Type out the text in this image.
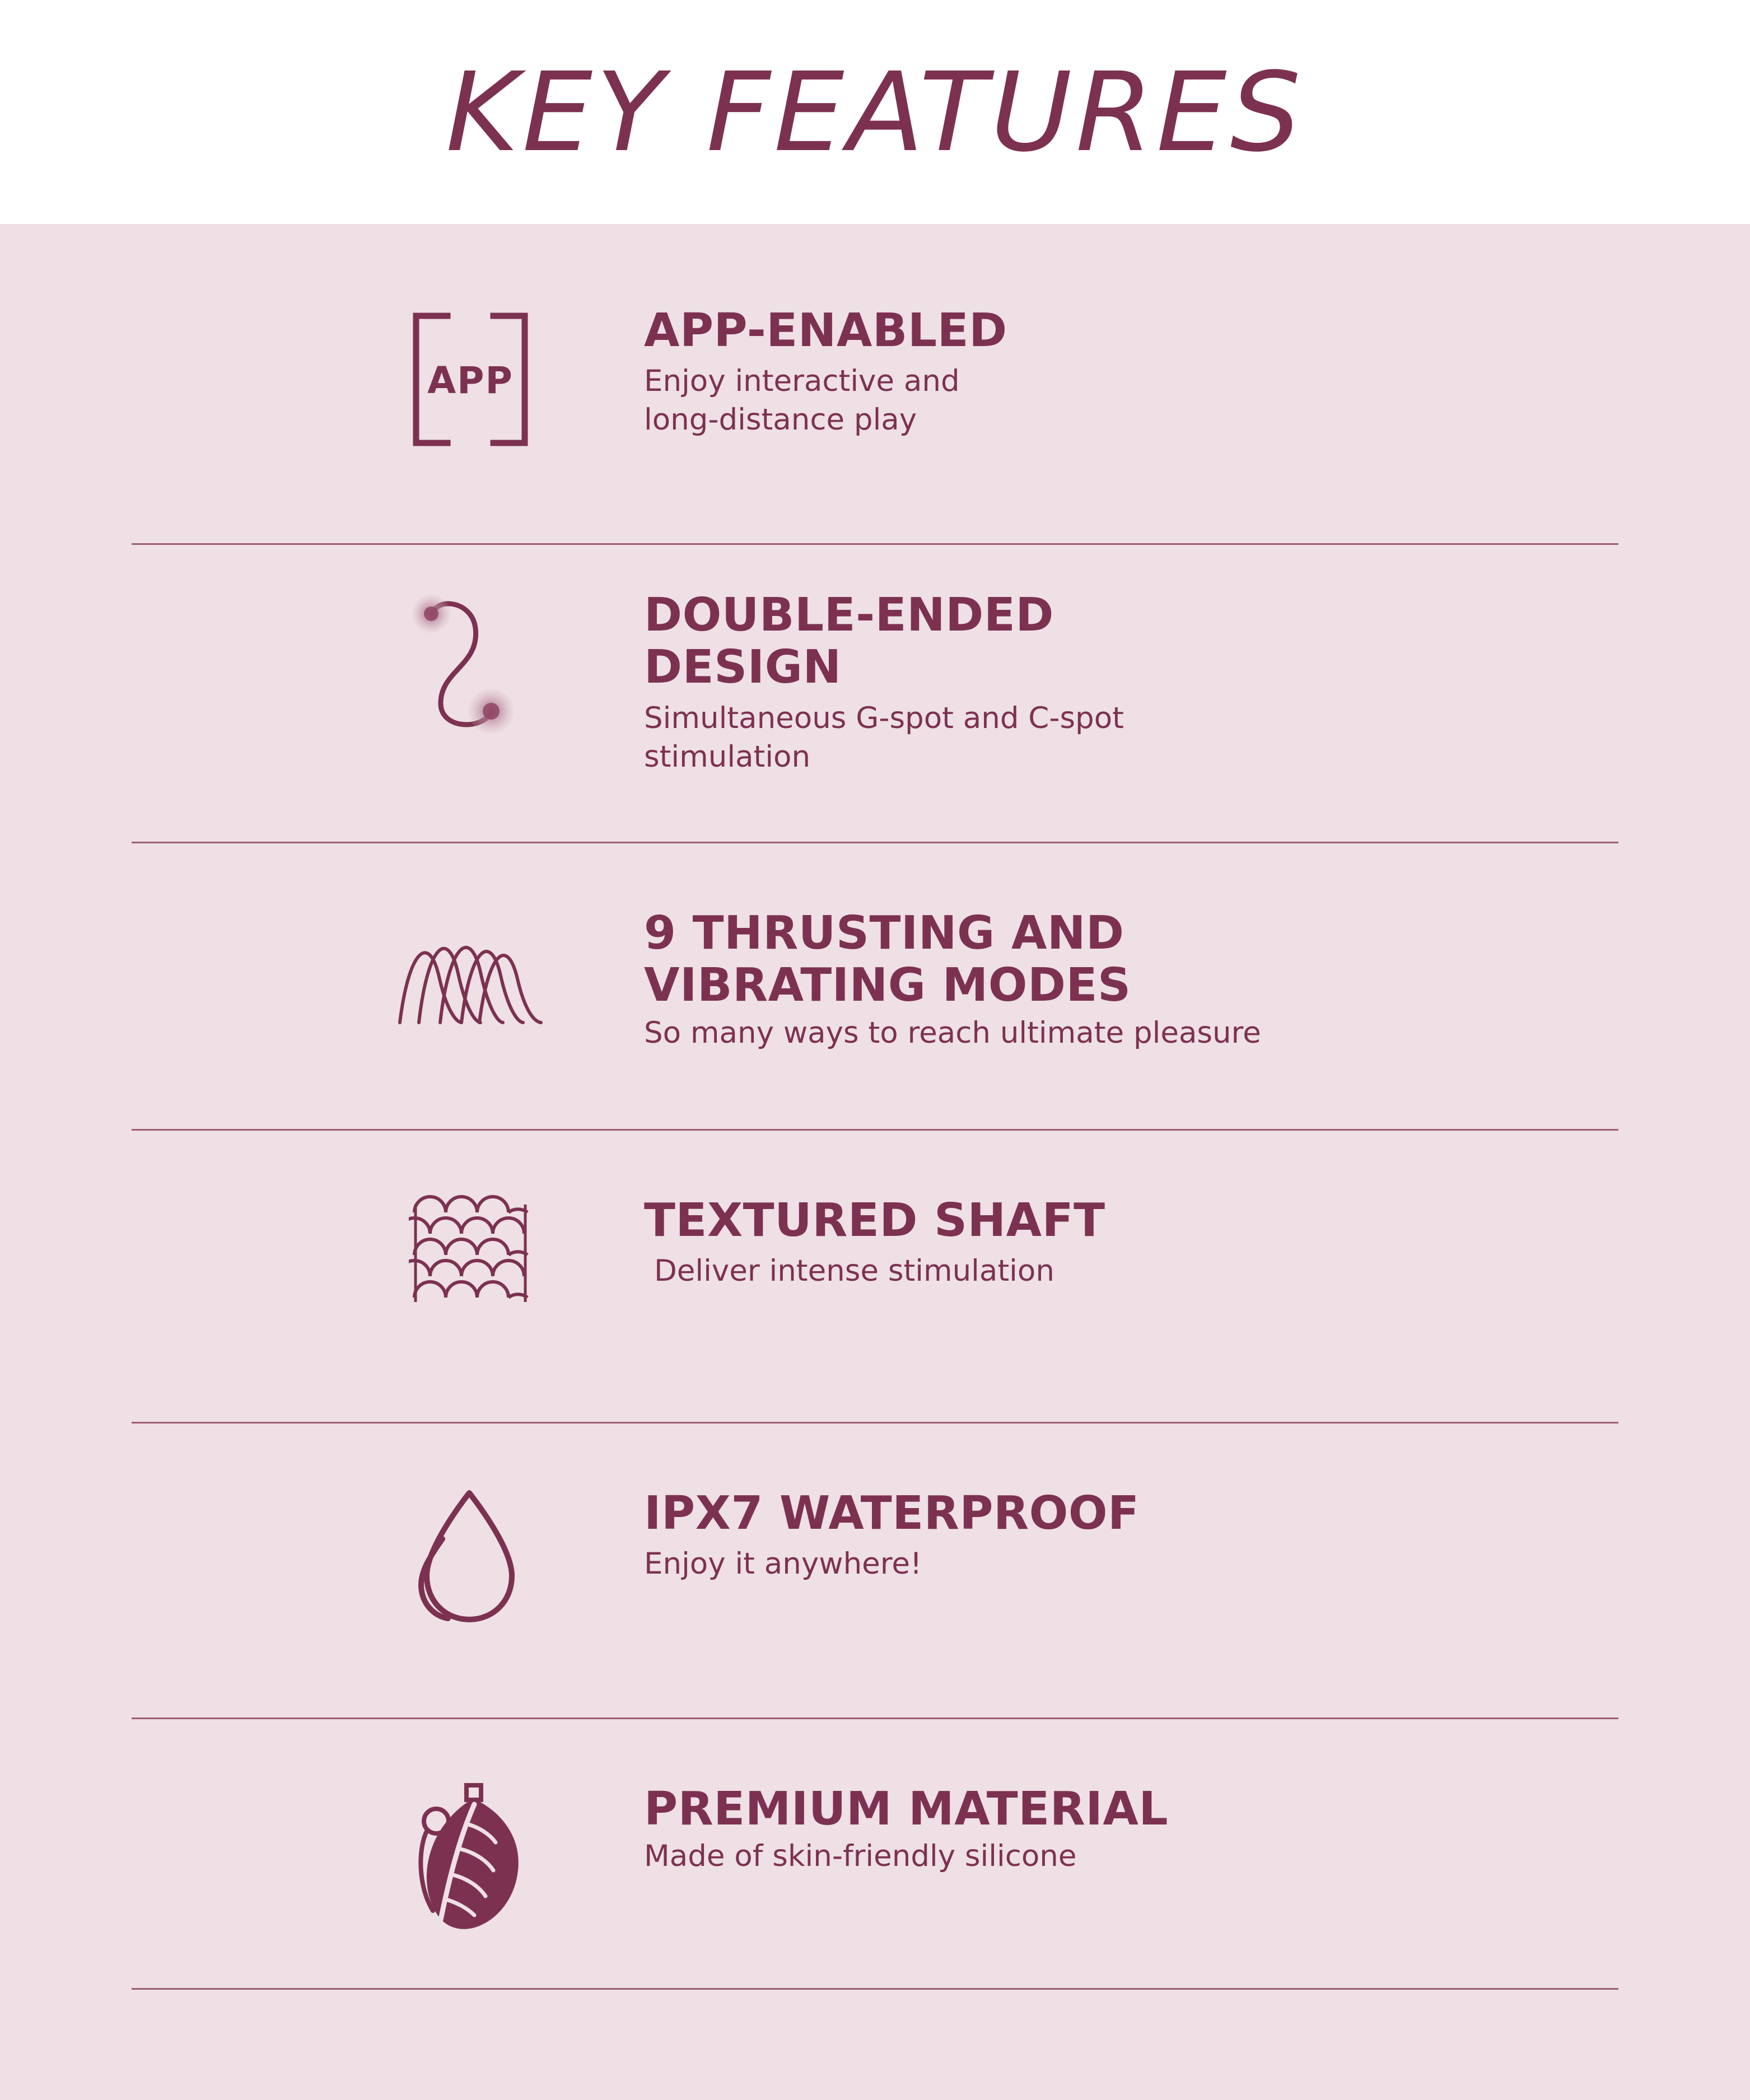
KEY FEATURES
APP
APP-ENABLED
Enjoy interactive and
long-distance play
DOUBLE-ENDED
DESIGN
Simultaneous G-spot and C-spot
stimulation
9 THRUSTING AND
VIBRATING MODES
So many ways to reach ultimate pleasure
TEXTURED SHAFT
Deliver intense stimulation
IPX7 WATERPROOF
Enjoy it anywhere!
PREMIUM MATERIAL
Made of skin-friendly silicone
